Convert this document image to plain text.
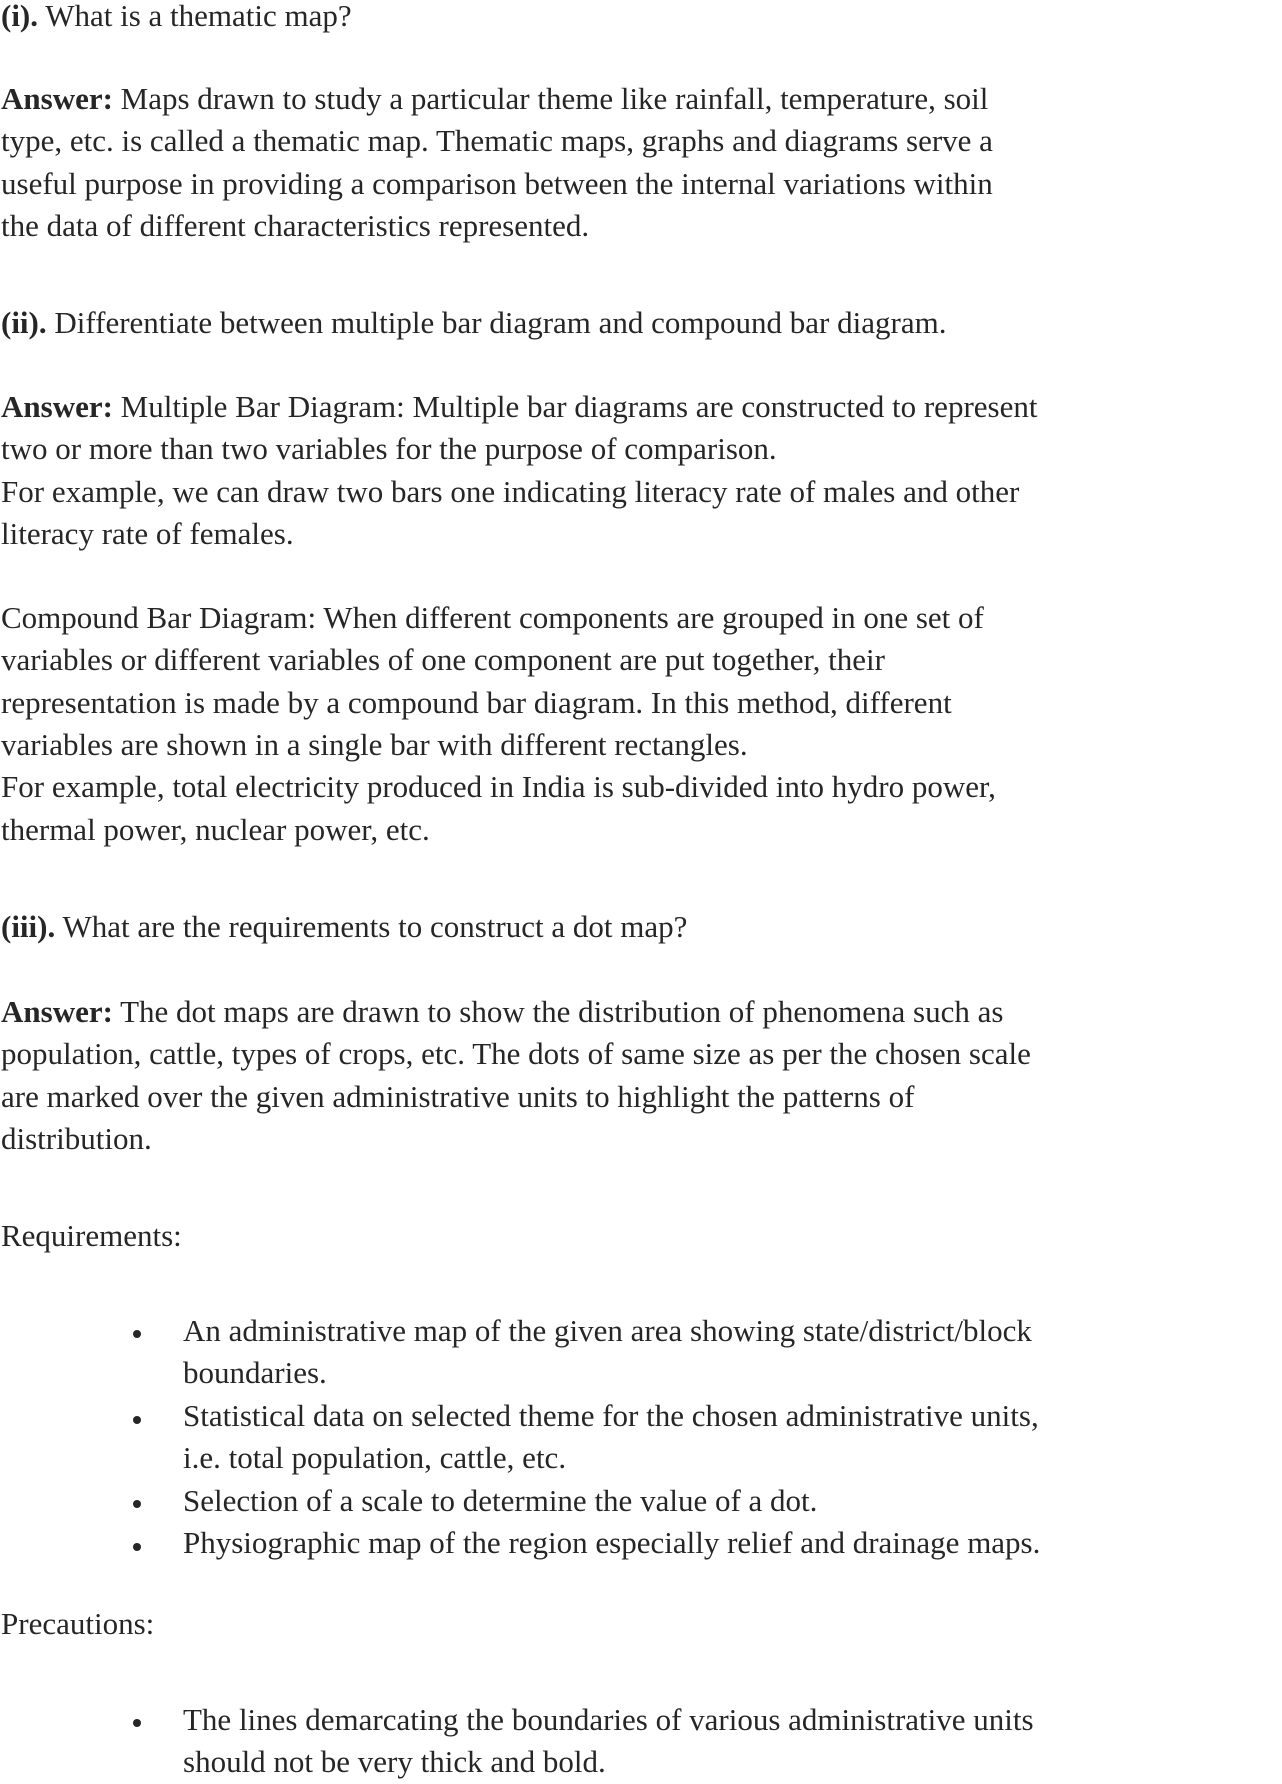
(i). What is a thematic map?
Answer: Maps drawn to study a particular theme like rainfall, temperature, soil
type, etc. is called a thematic map. Thematic maps, graphs and diagrams serve a
useful purpose in providing a comparison between the internal variations within
the data of different characteristics represented.
(ii). Differentiate between multiple bar diagram and compound bar diagram.
Answer: Multiple Bar Diagram: Multiple bar diagrams are constructed to represent
two or more than two variables for the purpose of comparison.
For example, we can draw two bars one indicating literacy rate of males and other
literacy rate of females.
Compound Bar Diagram: When different components are grouped in one set of
variables or different variables of one component are put together, their
representation is made by a compound bar diagram. In this method, different
variables are shown in a single bar with different rectangles.
For example, total electricity produced in India is sub-divided into hydro power,
thermal power, nuclear power, etc.
(iii). What are the requirements to construct a dot map?
Answer: The dot maps are drawn to show the distribution of phenomena such as
population, cattle, types of crops, etc. The dots of same size as per the chosen scale
are marked over the given administrative units to highlight the patterns of
distribution.
Requirements:
An administrative map of the given area showing state/district/block
boundaries.
Statistical data on selected theme for the chosen administrative units,
i.e. total population, cattle, etc.
Selection of a scale to determine the value of a dot.
Physiographic map of the region especially relief and drainage maps.
Precautions:
The lines demarcating the boundaries of various administrative units
should not be very thick and bold.
